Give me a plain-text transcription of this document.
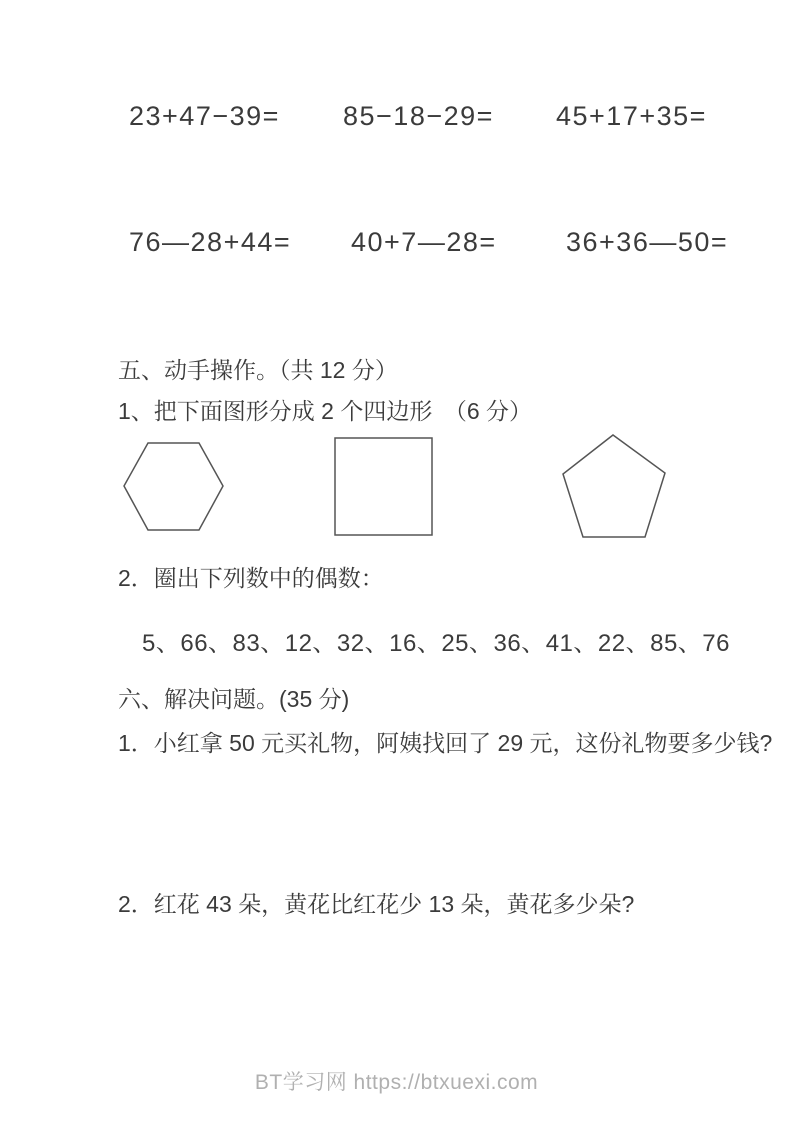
23+47−39= 85−18−29= 45+17+35=
76—28+44= 40+7—28=	36+36—50=
五、动手操作。（共 12 分）
1、把下面图形分成 2 个四边形　（6 分）
2．圈出下列数中的偶数：
5、66、83、12、32、16、25、36、41、22、85、76
六、解决问题。(35 分)
1．小红拿 50 元买礼物，阿姨找回了 29 元，这份礼物要多少钱?
2．红花 43 朵，黄花比红花少 13 朵，黄花多少朵?
BT学习网 https://btxuexi.com
